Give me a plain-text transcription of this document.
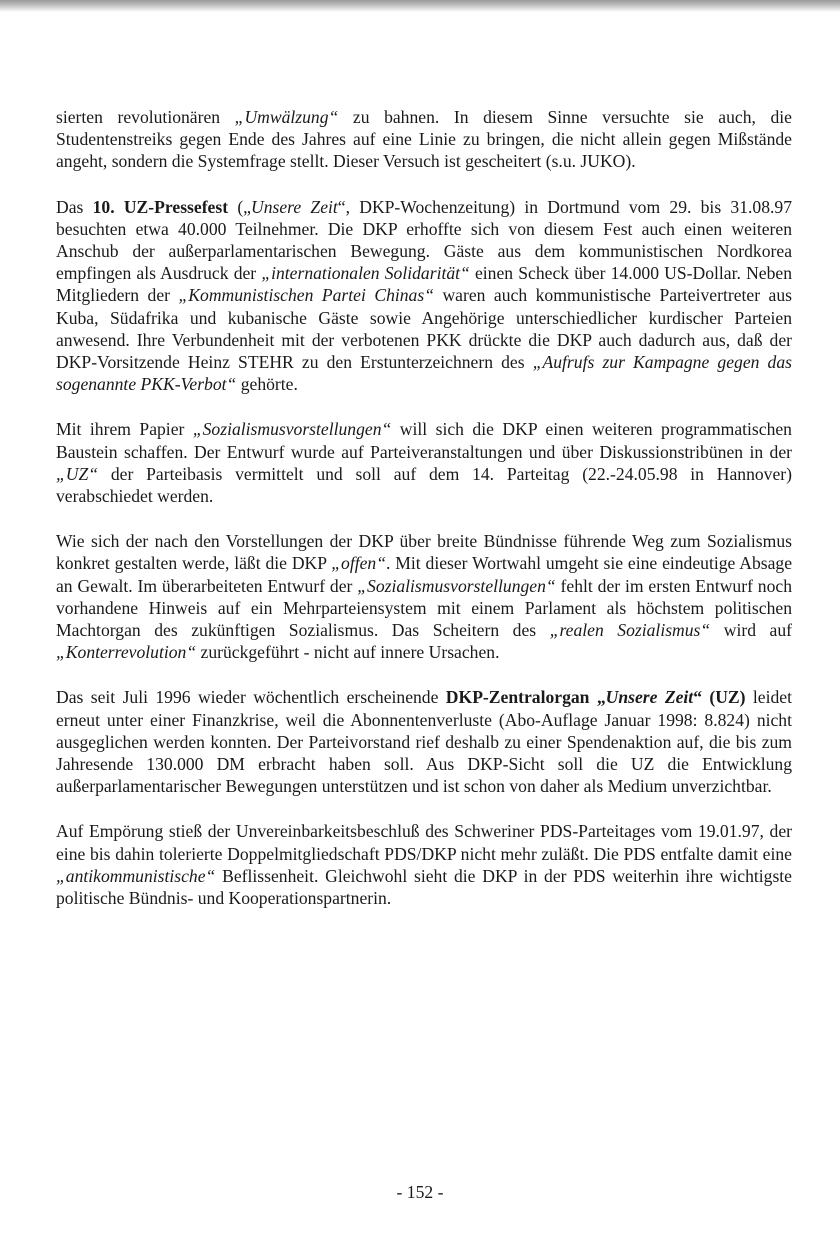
sierten revolutionären „Umwälzung“ zu bahnen. In diesem Sinne versuchte sie auch, die Studentenstreiks gegen Ende des Jahres auf eine Linie zu bringen, die nicht allein gegen Mißstände angeht, sondern die Systemfrage stellt. Dieser Versuch ist gescheitert (s.u. JUKO).

Das 10. UZ-Pressefest („Unsere Zeit“, DKP-Wochenzeitung) in Dortmund vom 29. bis 31.08.97 besuchten etwa 40.000 Teilnehmer. Die DKP erhoffte sich von diesem Fest auch einen weiteren Anschub der außerparlamentarischen Bewegung. Gäste aus dem kommunistischen Nordkorea empfingen als Ausdruck der „internationalen Solidarität“ einen Scheck über 14.000 US-Dollar. Neben Mitgliedern der „Kommunistischen Partei Chinas“ waren auch kommunistische Parteivertreter aus Kuba, Südafrika und kubanische Gäste sowie Angehörige unterschiedlicher kurdischer Parteien anwesend. Ihre Verbundenheit mit der verbotenen PKK drückte die DKP auch dadurch aus, daß der DKP-Vorsitzende Heinz STEHR zu den Erstunterzeichnern des „Aufrufs zur Kampagne gegen das sogenannte PKK-Verbot“ gehörte.

Mit ihrem Papier „Sozialismusvorstellungen“ will sich die DKP einen weiteren programmatischen Baustein schaffen. Der Entwurf wurde auf Parteiveranstaltungen und über Diskussionstribünen in der „UZ“ der Parteibasis vermittelt und soll auf dem 14. Parteitag (22.-24.05.98 in Hannover) verabschiedet werden.

Wie sich der nach den Vorstellungen der DKP über breite Bündnisse führende Weg zum Sozialismus konkret gestalten werde, läßt die DKP „offen“. Mit dieser Wortwahl umgeht sie eine eindeutige Absage an Gewalt. Im überarbeiteten Entwurf der „Sozialismusvorstellungen“ fehlt der im ersten Entwurf noch vorhandene Hinweis auf ein Mehrparteiensystem mit einem Parlament als höchstem politischen Machtorgan des zukünftigen Sozialismus. Das Scheitern des „realen Sozialismus“ wird auf „Konterrevolution“ zurückgeführt - nicht auf innere Ursachen.

Das seit Juli 1996 wieder wöchentlich erscheinende DKP-Zentralorgan „Unsere Zeit“ (UZ) leidet erneut unter einer Finanzkrise, weil die Abonnentenverluste (Abo-Auflage Januar 1998: 8.824) nicht ausgeglichen werden konnten. Der Parteivorstand rief deshalb zu einer Spendenaktion auf, die bis zum Jahresende 130.000 DM erbracht haben soll. Aus DKP-Sicht soll die UZ die Entwicklung außerparlamentarischer Bewegungen unterstützen und ist schon von daher als Medium unverzichtbar.

Auf Empörung stieß der Unvereinbarkeitsbeschluß des Schweriner PDS-Parteitages vom 19.01.97, der eine bis dahin tolerierte Doppelmitgliedschaft PDS/DKP nicht mehr zuläßt. Die PDS entfalte damit eine „antikommunistische“ Beflissenheit. Gleichwohl sieht die DKP in der PDS weiterhin ihre wichtigste politische Bündnis- und Kooperationspartnerin.

- 152 -
